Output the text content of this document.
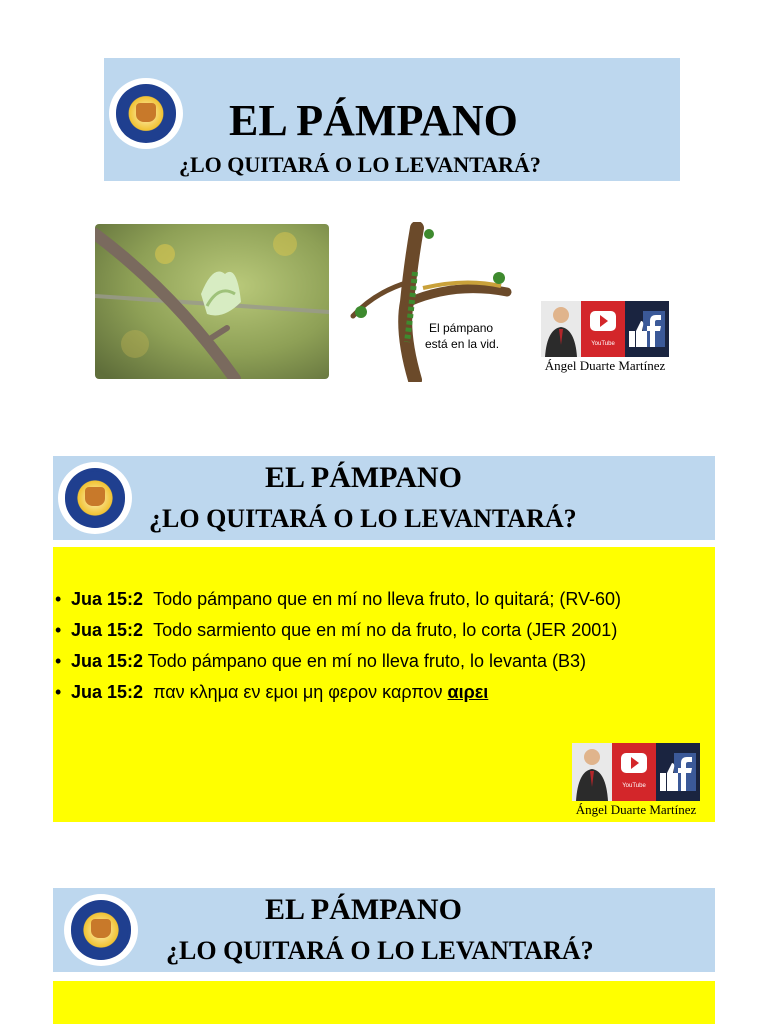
EL PÁMPANO
¿LO QUITARÁ O LO LEVANTARÁ?
El pámpano
está en la vid.	YouTube
Ángel Duarte Martínez
EL PÁMPANO
¿LO QUITARÁ O LO LEVANTARÁ?
• Jua 15:2 Todo pámpano que en mí no lleva fruto, lo quitará; (RV-60)
• Jua 15:2 Todo sarmiento que en mí no da fruto, lo corta (JER 2001)
• Jua 15:2 Todo pámpano que en mí no lleva fruto, lo levanta (B3)
• Jua 15:2 παν κλημα εν εμοι μη φερον καρπον αιρει
YouTube
Ángel Duarte Martínez
EL PÁMPANO
¿LO QUITARÁ O LO LEVANTARÁ?
